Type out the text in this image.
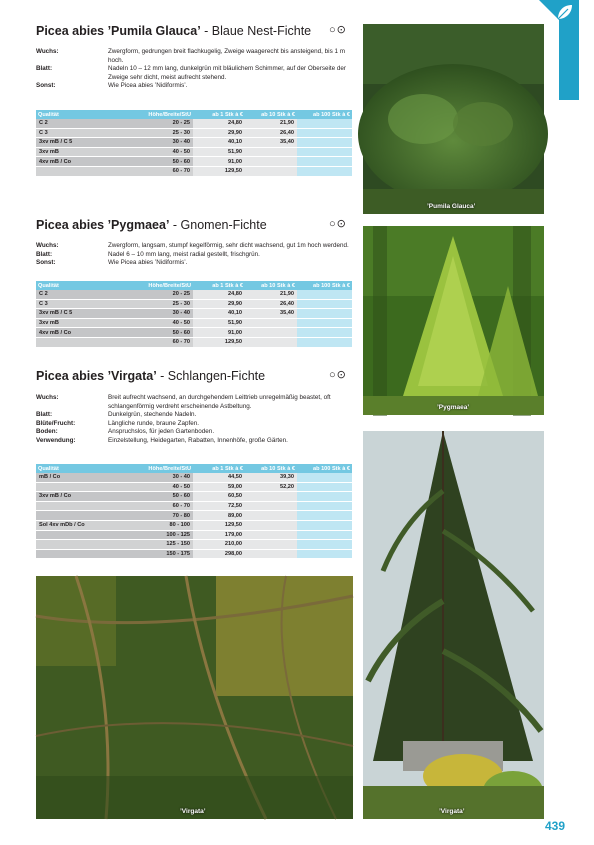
PICEA
Picea abies ’Pumila Glauca’ - Blaue Nest-Fichte ○⊙
Wuchs:	Zwergform, gedrungen breit flachkugelig, Zweige waagerecht bis ansteigend, bis 1 m hoch.
Blatt:	Nadeln 10 – 12 mm lang, dunkelgrün mit bläulichem Schimmer, auf der Oberseite der Zweige sehr dicht, meist aufrecht stehend.
Sonst:	Wie Picea abies ’Nidiformis’.
Qualität	Höhe/Breite/StU	ab 1 Stk à €	ab 10 Stk à €	ab 100 Stk à €
C 2	20 - 25	24,80	21,90	
C 3	25 - 30	29,90	26,40	
3xv mB / C 5	30 - 40	40,10	35,40	
3xv mB	40 - 50	51,90		
4xv mB / Co	50 - 60	91,00		
	60 - 70	129,50		
’Pumila Glauca’
Picea abies ’Pygmaea’ - Gnomen-Fichte	○⊙
Wuchs:	Zwergform, langsam, stumpf kegelförmig, sehr dicht wachsend, gut 1m hoch werdend.
Blatt:	Nadel 6 – 10 mm lang, meist radial gestellt, frischgrün.
Sonst:	Wie Picea abies ’Nidiformis’.
Qualität	Höhe/Breite/StU	ab 1 Stk à €	ab 10 Stk à €	ab 100 Stk à €
C 2	20 - 25	24,80	21,90	
C 3	25 - 30	29,90	26,40	
3xv mB / C 5	30 - 40	40,10	35,40	
3xv mB	40 - 50	51,90		
4xv mB / Co	50 - 60	91,00		
	60 - 70	129,50		
’Pygmaea’
Picea abies ’Virgata’ - Schlangen-Fichte	○⊙
Wuchs:	Breit aufrecht wachsend, an durchgehendem Leittrieb unregelmäßig beastet, oft schlangenförmig verdreht erscheinende Astbeltung.
Blatt:	Dunkelgrün, stechende Nadeln.
Blüte/Frucht:	Längliche runde, braune Zapfen.
Boden:	Anspruchslos, für jeden Gartenboden.
Verwendung:	Einzelstellung, Heidegarten, Rabatten, Innenhöfe, große Gärten.
Qualität	Höhe/Breite/StU	ab 1 Stk à €	ab 10 Stk à €	ab 100 Stk à €
mB / Co	30 - 40	44,50	39,30	
	40 - 50	59,00	52,20	
3xv mB / Co	50 - 60	60,50		
	60 - 70	72,50		
	70 - 80	89,00		
Sol 4xv mDb / Co	80 - 100	129,50		
	100 - 125	179,00		
	125 - 150	210,00		
	150 - 175	298,00		
’Virgata’	’Virgata’
439
